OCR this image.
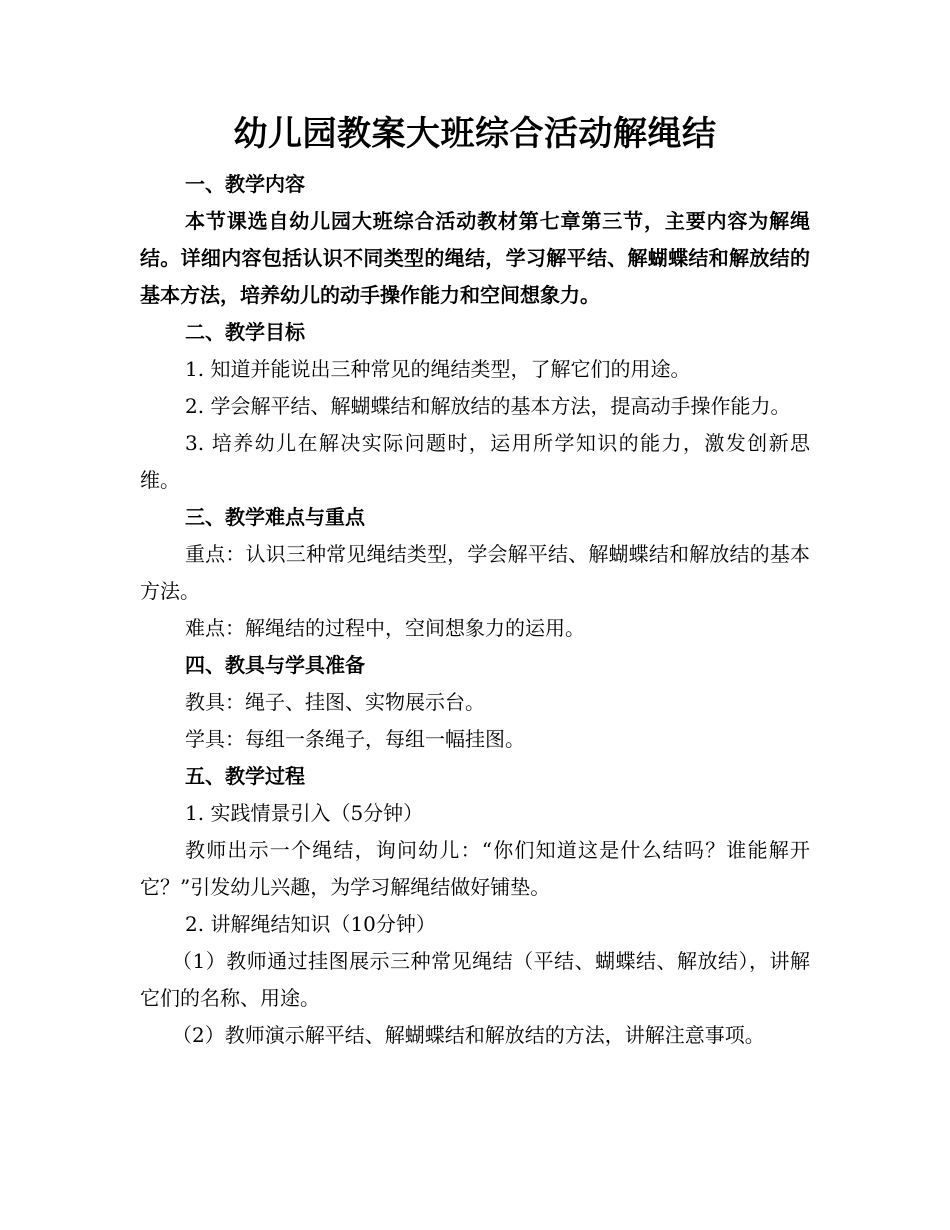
幼儿园教案大班综合活动解绳结

一、教学内容

本节课选自幼儿园大班综合活动教材第七章第三节，主要内容为解绳结。详细内容包括认识不同类型的绳结，学习解平结、解蝴蝶结和解放结的基本方法，培养幼儿的动手操作能力和空间想象力。

二、教学目标

1. 知道并能说出三种常见的绳结类型，了解它们的用途。

2. 学会解平结、解蝴蝶结和解放结的基本方法，提高动手操作能力。

3. 培养幼儿在解决实际问题时，运用所学知识的能力，激发创新思维。

三、教学难点与重点

重点：认识三种常见绳结类型，学会解平结、解蝴蝶结和解放结的基本方法。

难点：解绳结的过程中，空间想象力的运用。

四、教具与学具准备

教具：绳子、挂图、实物展示台。

学具：每组一条绳子，每组一幅挂图。

五、教学过程

1. 实践情景引入（5分钟）

教师出示一个绳结，询问幼儿：“你们知道这是什么结吗？谁能解开它？”引发幼儿兴趣，为学习解绳结做好铺垫。

2. 讲解绳结知识（10分钟）

（1）教师通过挂图展示三种常见绳结（平结、蝴蝶结、解放结），讲解它们的名称、用途。

（2）教师演示解平结、解蝴蝶结和解放结的方法，讲解注意事项。
